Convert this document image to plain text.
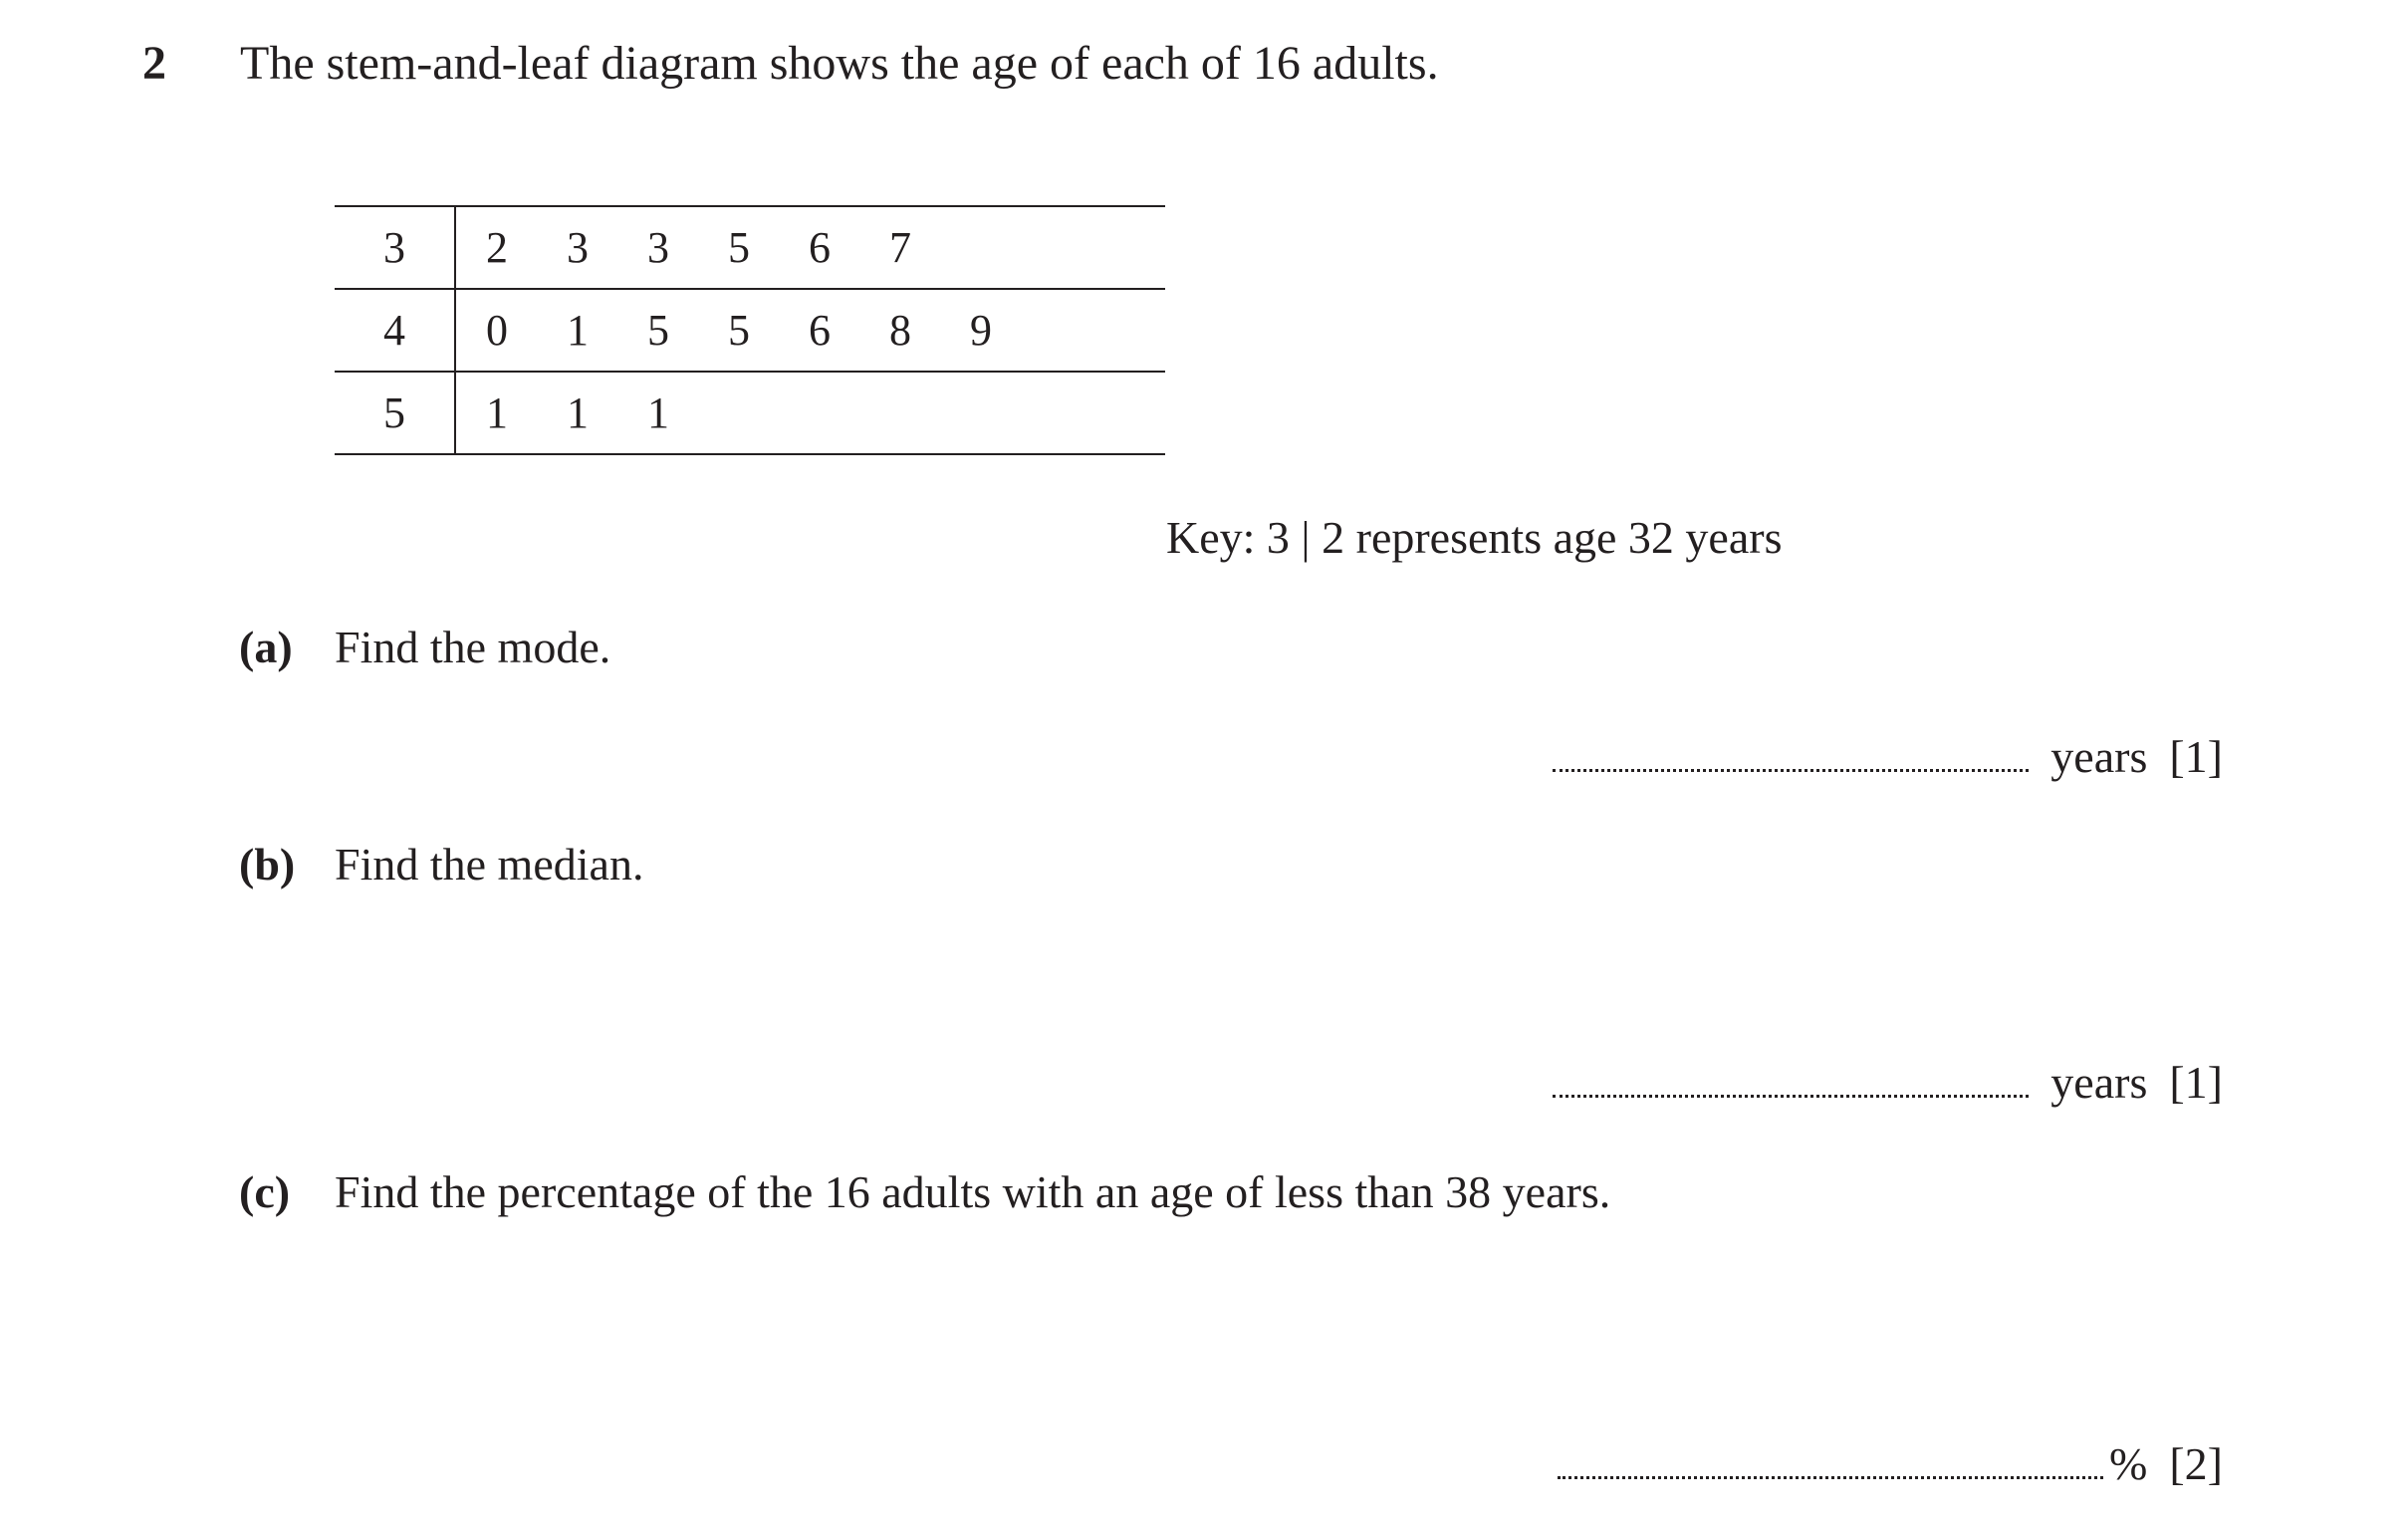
2 The stem-and-leaf diagram shows the age of each of 16 adults.
3	2 3 3 5 6 7
4	0 1 5 5 6 8 9
5	1 1 1
Key: 3 | 2 represents age 32 years
(a) Find the mode.
years [1]
(b) Find the median.
years [1]
(c) Find the percentage of the 16 adults with an age of less than 38 years.
% [2]
